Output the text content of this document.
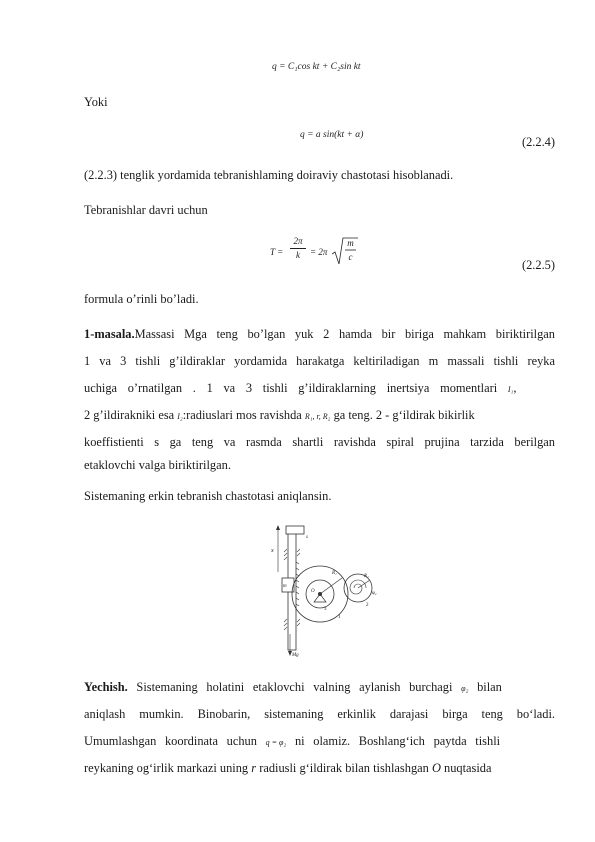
q = C₁cos kt + C₂sin kt
Yoki
q = a sin(kt + α)	(2.2.4)
(2.2.3) tenglik yordamida tebranishlaming doiraviy chastotasi hisoblanadi.
Tebranishlar davri uchun
T =
2π
k	= 2π
m
c
(2.2.5)
formula o’rinli bo’ladi.
1-masala.Massasi Mga teng bo’lgan yuk 2 hamda bir biriga mahkam biriktirilgan
1 va 3 tishli g’ildiraklar yordamida harakatga keltiriladigan m massali tishli reyka
uchiga o’rnatilgan . 1 va 3 tishli g’ildiraklarning inertsiya momentlari I₁,
2 g’ildirakniki esa I₂:radiuslari mos ravishda R₁, r, R₂ ga teng. 2 - g‘ildirak bikirlik
koeffistienti s ga teng va rasmda shartli ravishda spiral prujina tarzida berilgan
etaklovchi valga biriktirilgan.
Sistemaning erkin tebranish chastotasi aniqlansin.
x
m
Mg
s
O
R₁
R₂
1
2
3
φ₂
Yechish. Sistemaning holatini etaklovchi valning aylanish burchagi φ₂ bilan
aniqlash mumkin. Binobarin, sistemaning erkinlik darajasi birga teng bo‘ladi.
Umumlashgan koordinata uchun q = φ₂ ni olamiz. Boshlang‘ich paytda tishli
reykaning og‘irlik markazi uning r radiusli g‘ildirak bilan tishlashgan O nuqtasida
